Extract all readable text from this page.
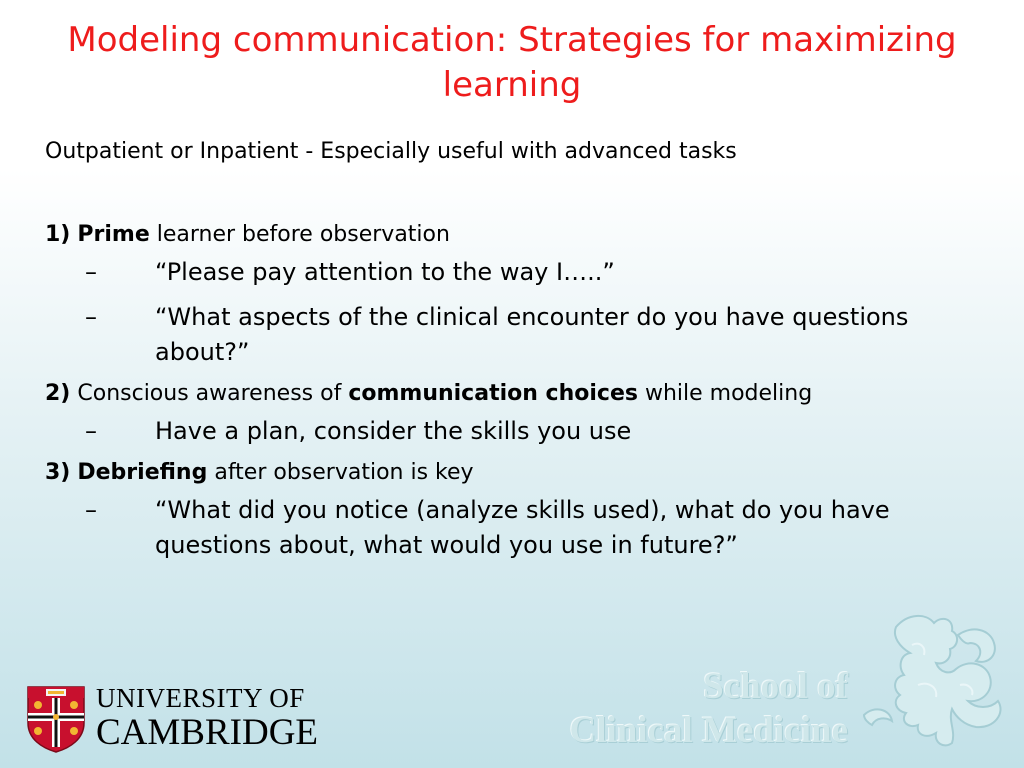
Modeling communication: Strategies for maximizing learning

Outpatient or Inpatient - Especially useful with advanced tasks

1) Prime learner before observation

– “Please pay attention to the way I…..”
– “What aspects of the clinical encounter do you have questions about?”

2) Conscious awareness of communication choices while modeling

– Have a plan, consider the skills you use

3) Debriefing after observation is key

– “What did you notice (analyze skills used), what do you have questions about, what would you use in future?”
UNIVERSITY OF
CAMBRIDGE
School of
Clinical Medicine
